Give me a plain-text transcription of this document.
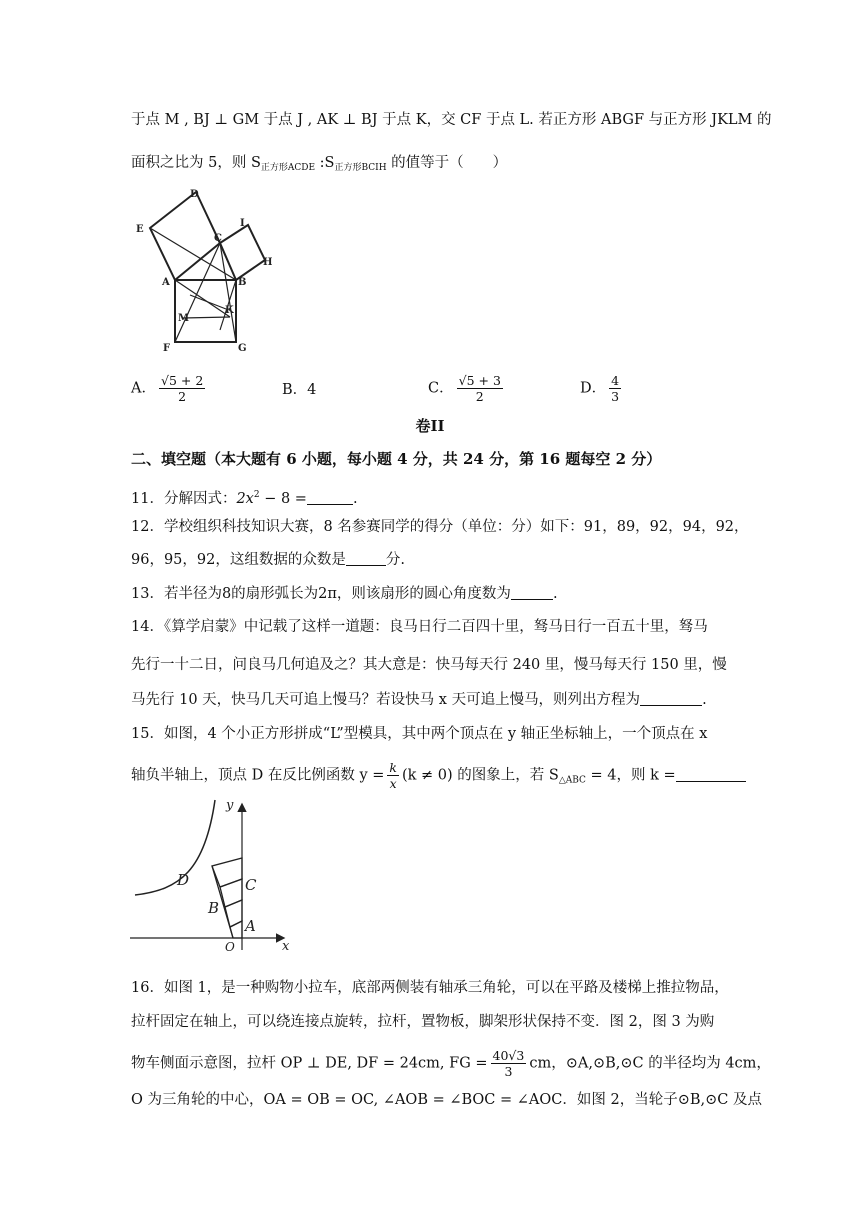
于点 M , BJ ⊥ GM 于点 J , AK ⊥ BJ 于点 K，交 CF 于点 L. 若正方形 ABGF 与正方形 JKLM 的
面积之比为 5，则 $S_{正方形ACDE}$ $:S_{正方形BCIH}$ 的值等于（　　）
D
E
I
C
H
A	B
K
M
F	G
A． $\frac{√5 + 2}{2}$	B．4	C． $\frac{√5 + 3}{2}$	D． $\frac{4}{3}$
卷II
二、填空题（本大题有 6 小题，每小题 4 分，共 24 分，第 16 题每空 2 分）
11．分解因式：$2x^2 - 8$ =	.
12．学校组织科技知识大赛，8 名参赛同学的得分（单位：分）如下：91，89，92，94，92，
96，95，92，这组数据的众数是	分.
13．若半径为8的扇形弧长为2π，则该扇形的圆心角度数为	.
14．《算学启蒙》中记载了这样一道题：良马日行二百四十里，驽马日行一百五十里，驽马
先行一十二日，问良马几何追及之？其大意是：快马每天行 240 里，慢马每天行 150 里，慢
马先行 10 天，快马几天可追上慢马？若设快马 x 天可追上慢马，则列出方程为	.
15．如图，4 个小正方形拼成“L”型模具，其中两个顶点在 y 轴正坐标轴上，一个顶点在 x
轴负半轴上，顶点 D 在反比例函数 $y = \frac{k}{x} (k \ne 0)$ 的图象上，若 $S_{\triangle ABC} = 4$，则 k =
y
x
O
A
B
C
D
16．如图 1，是一种购物小拉车，底部两侧装有轴承三角轮，可以在平路及楼梯上推拉物品，
拉杆固定在轴上，可以绕连接点旋转，拉杆，置物板，脚架形状保持不变．图 2，图 3 为购
物车侧面示意图，拉杆 OP ⊥ DE, DF = 24cm, FG = $\frac{40√3}{3}$ cm，⊙A,⊙B,⊙C 的半径均为 4cm，
O 为三角轮的中心，OA = OB = OC, ∠AOB = ∠BOC = ∠AOC．如图 2，当轮子⊙B,⊙C 及点
